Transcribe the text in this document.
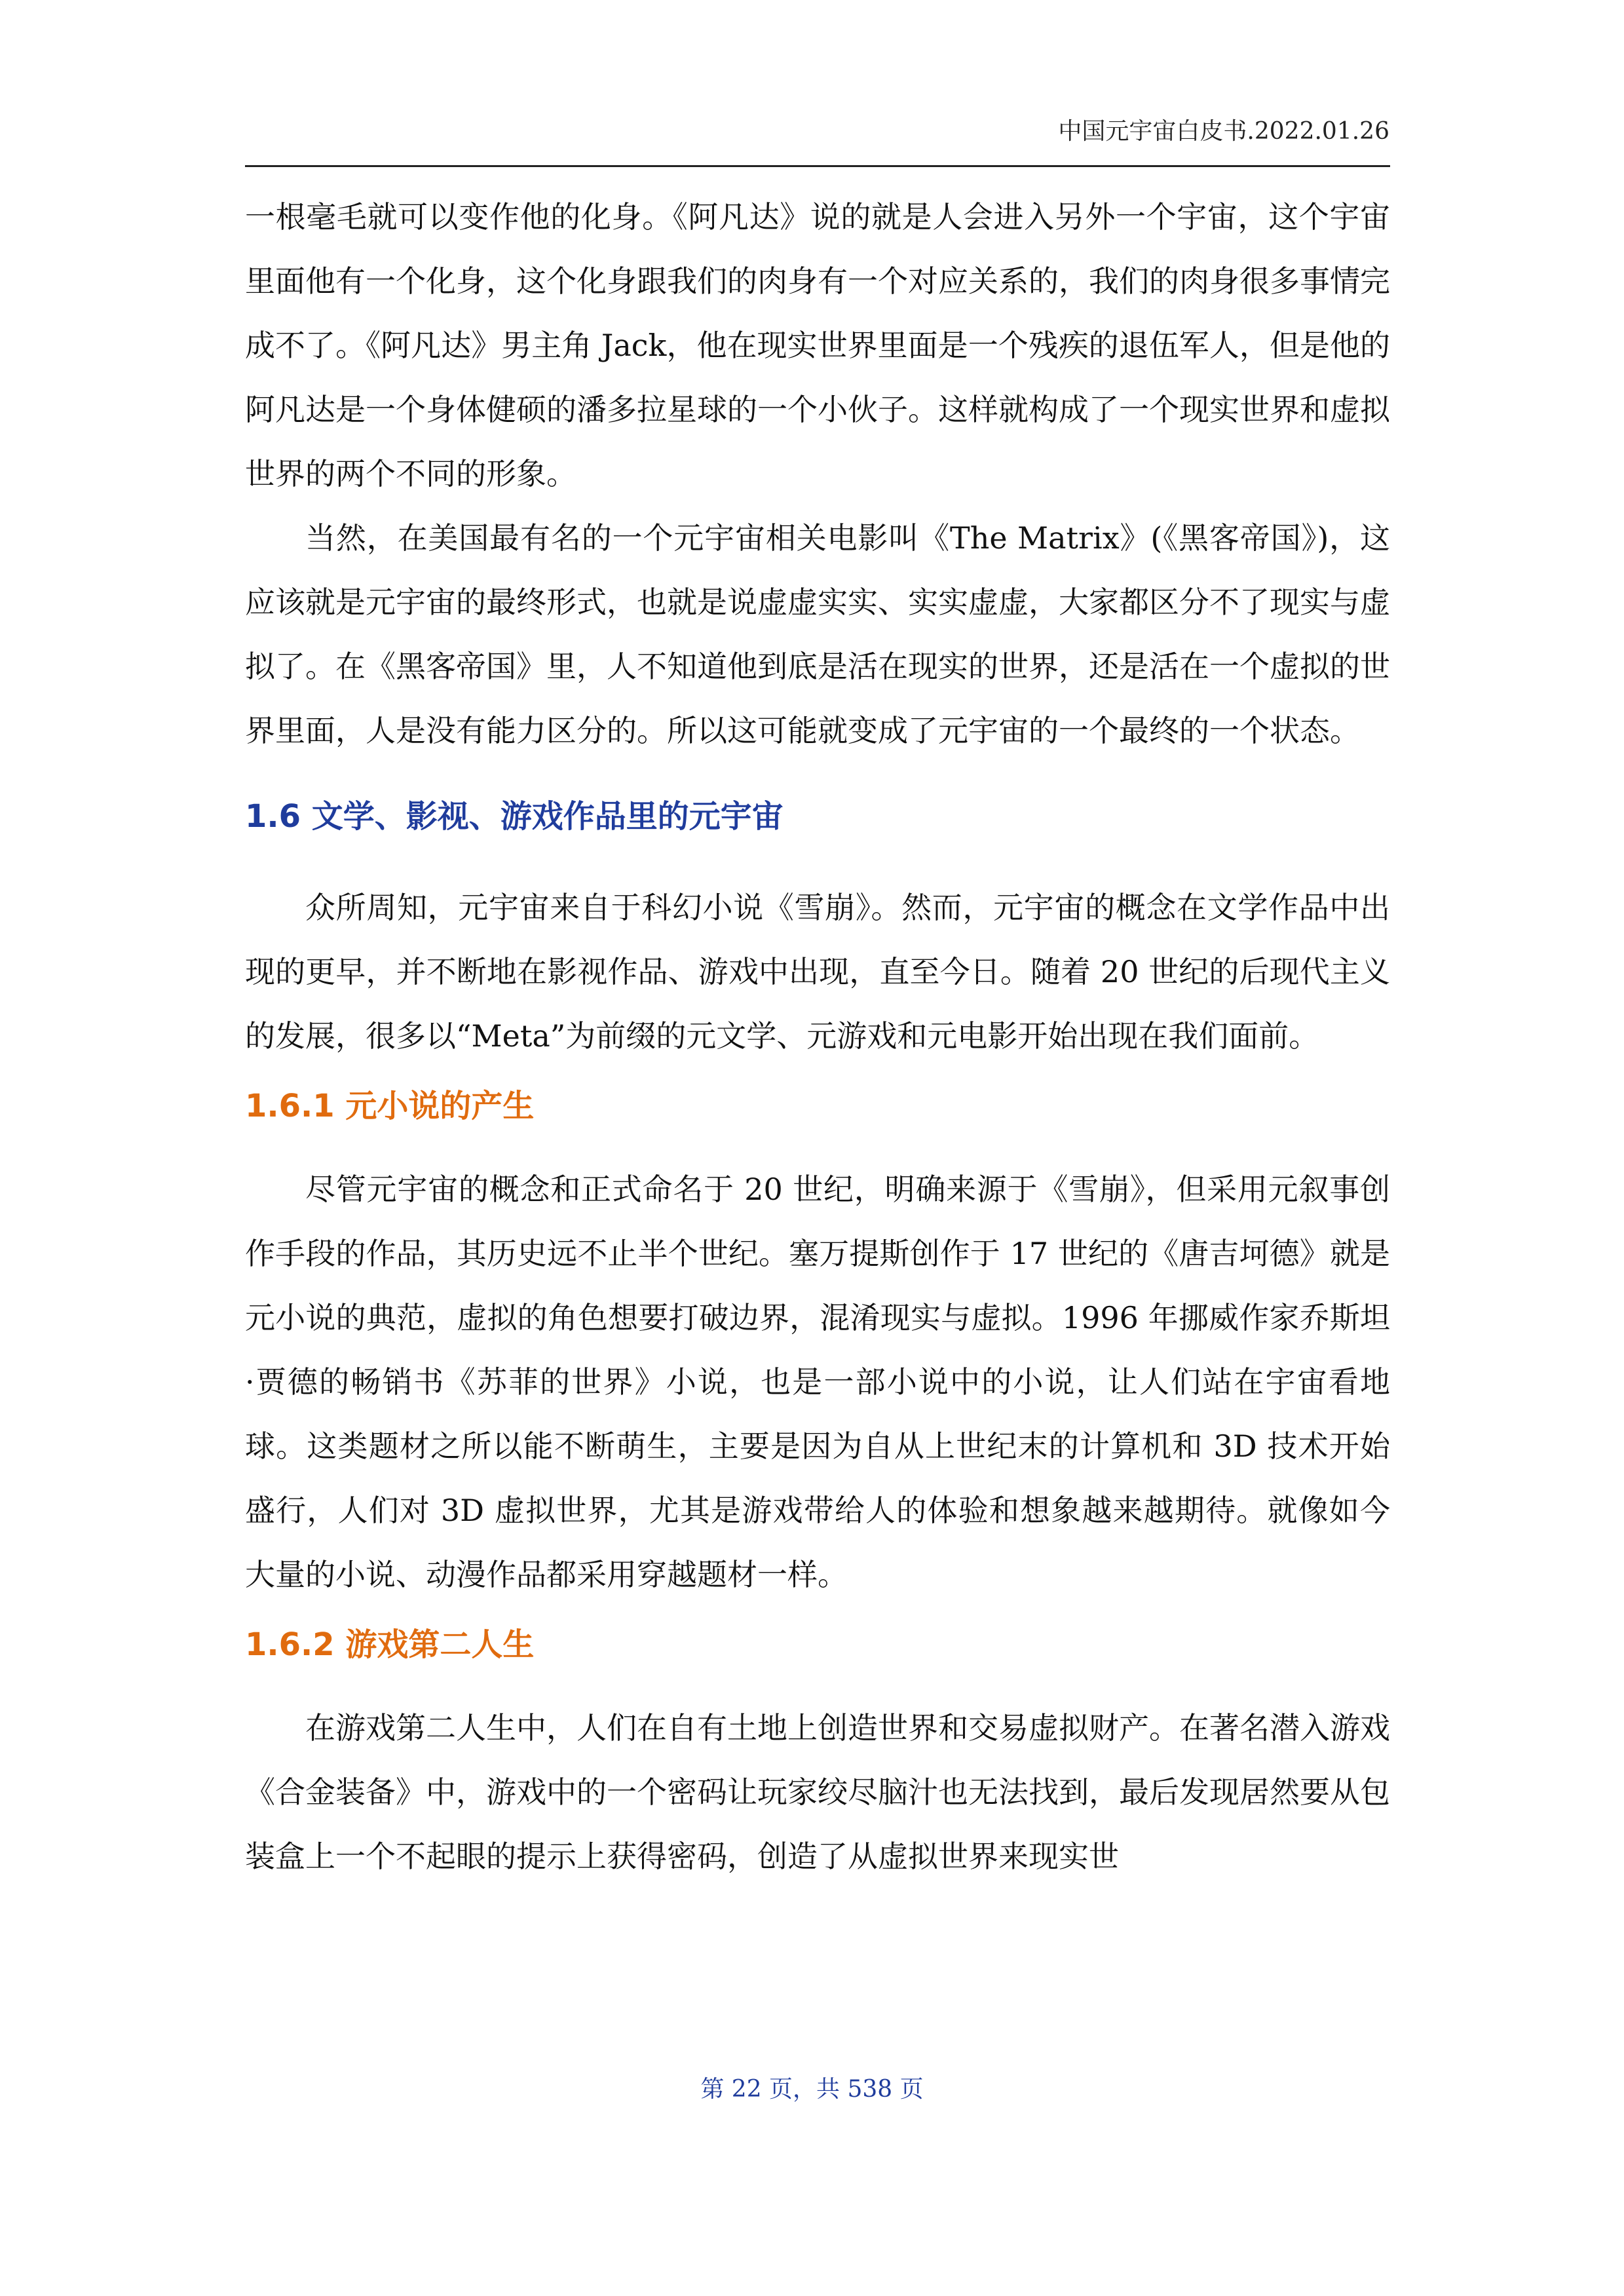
中国元宇宙白皮书.2022.01.26

一根毫毛就可以变作他的化身。《阿凡达》说的就是人会进入另外一个宇宙，这个宇宙里面他有一个化身，这个化身跟我们的肉身有一个对应关系的，我们的肉身很多事情完成不了。《阿凡达》男主角 Jack，他在现实世界里面是一个残疾的退伍军人，但是他的阿凡达是一个身体健硕的潘多拉星球的一个小伙子。这样就构成了一个现实世界和虚拟世界的两个不同的形象。

当然，在美国最有名的一个元宇宙相关电影叫《The Matrix》(《黑客帝国》)，这应该就是元宇宙的最终形式，也就是说虚虚实实、实实虚虚，大家都区分不了现实与虚拟了。在《黑客帝国》里，人不知道他到底是活在现实的世界，还是活在一个虚拟的世界里面，人是没有能力区分的。所以这可能就变成了元宇宙的一个最终的一个状态。

1.6 文学、影视、游戏作品里的元宇宙

众所周知，元宇宙来自于科幻小说《雪崩》。然而，元宇宙的概念在文学作品中出现的更早，并不断地在影视作品、游戏中出现，直至今日。随着 20 世纪的后现代主义的发展，很多以“Meta”为前缀的元文学、元游戏和元电影开始出现在我们面前。

1.6.1 元小说的产生

尽管元宇宙的概念和正式命名于 20 世纪，明确来源于《雪崩》，但采用元叙事创作手段的作品，其历史远不止半个世纪。塞万提斯创作于 17 世纪的《唐吉坷德》就是元小说的典范，虚拟的角色想要打破边界，混淆现实与虚拟。1996 年挪威作家乔斯坦·贾德的畅销书《苏菲的世界》小说，也是一部小说中的小说，让人们站在宇宙看地球。这类题材之所以能不断萌生，主要是因为自从上世纪末的计算机和 3D 技术开始盛行，人们对 3D 虚拟世界，尤其是游戏带给人的体验和想象越来越期待。就像如今大量的小说、动漫作品都采用穿越题材一样。

1.6.2 游戏第二人生

在游戏第二人生中，人们在自有土地上创造世界和交易虚拟财产。在著名潜入游戏《合金装备》中，游戏中的一个密码让玩家绞尽脑汁也无法找到，最后发现居然要从包装盒上一个不起眼的提示上获得密码，创造了从虚拟世界来现实世

第 22 页，共 538 页
